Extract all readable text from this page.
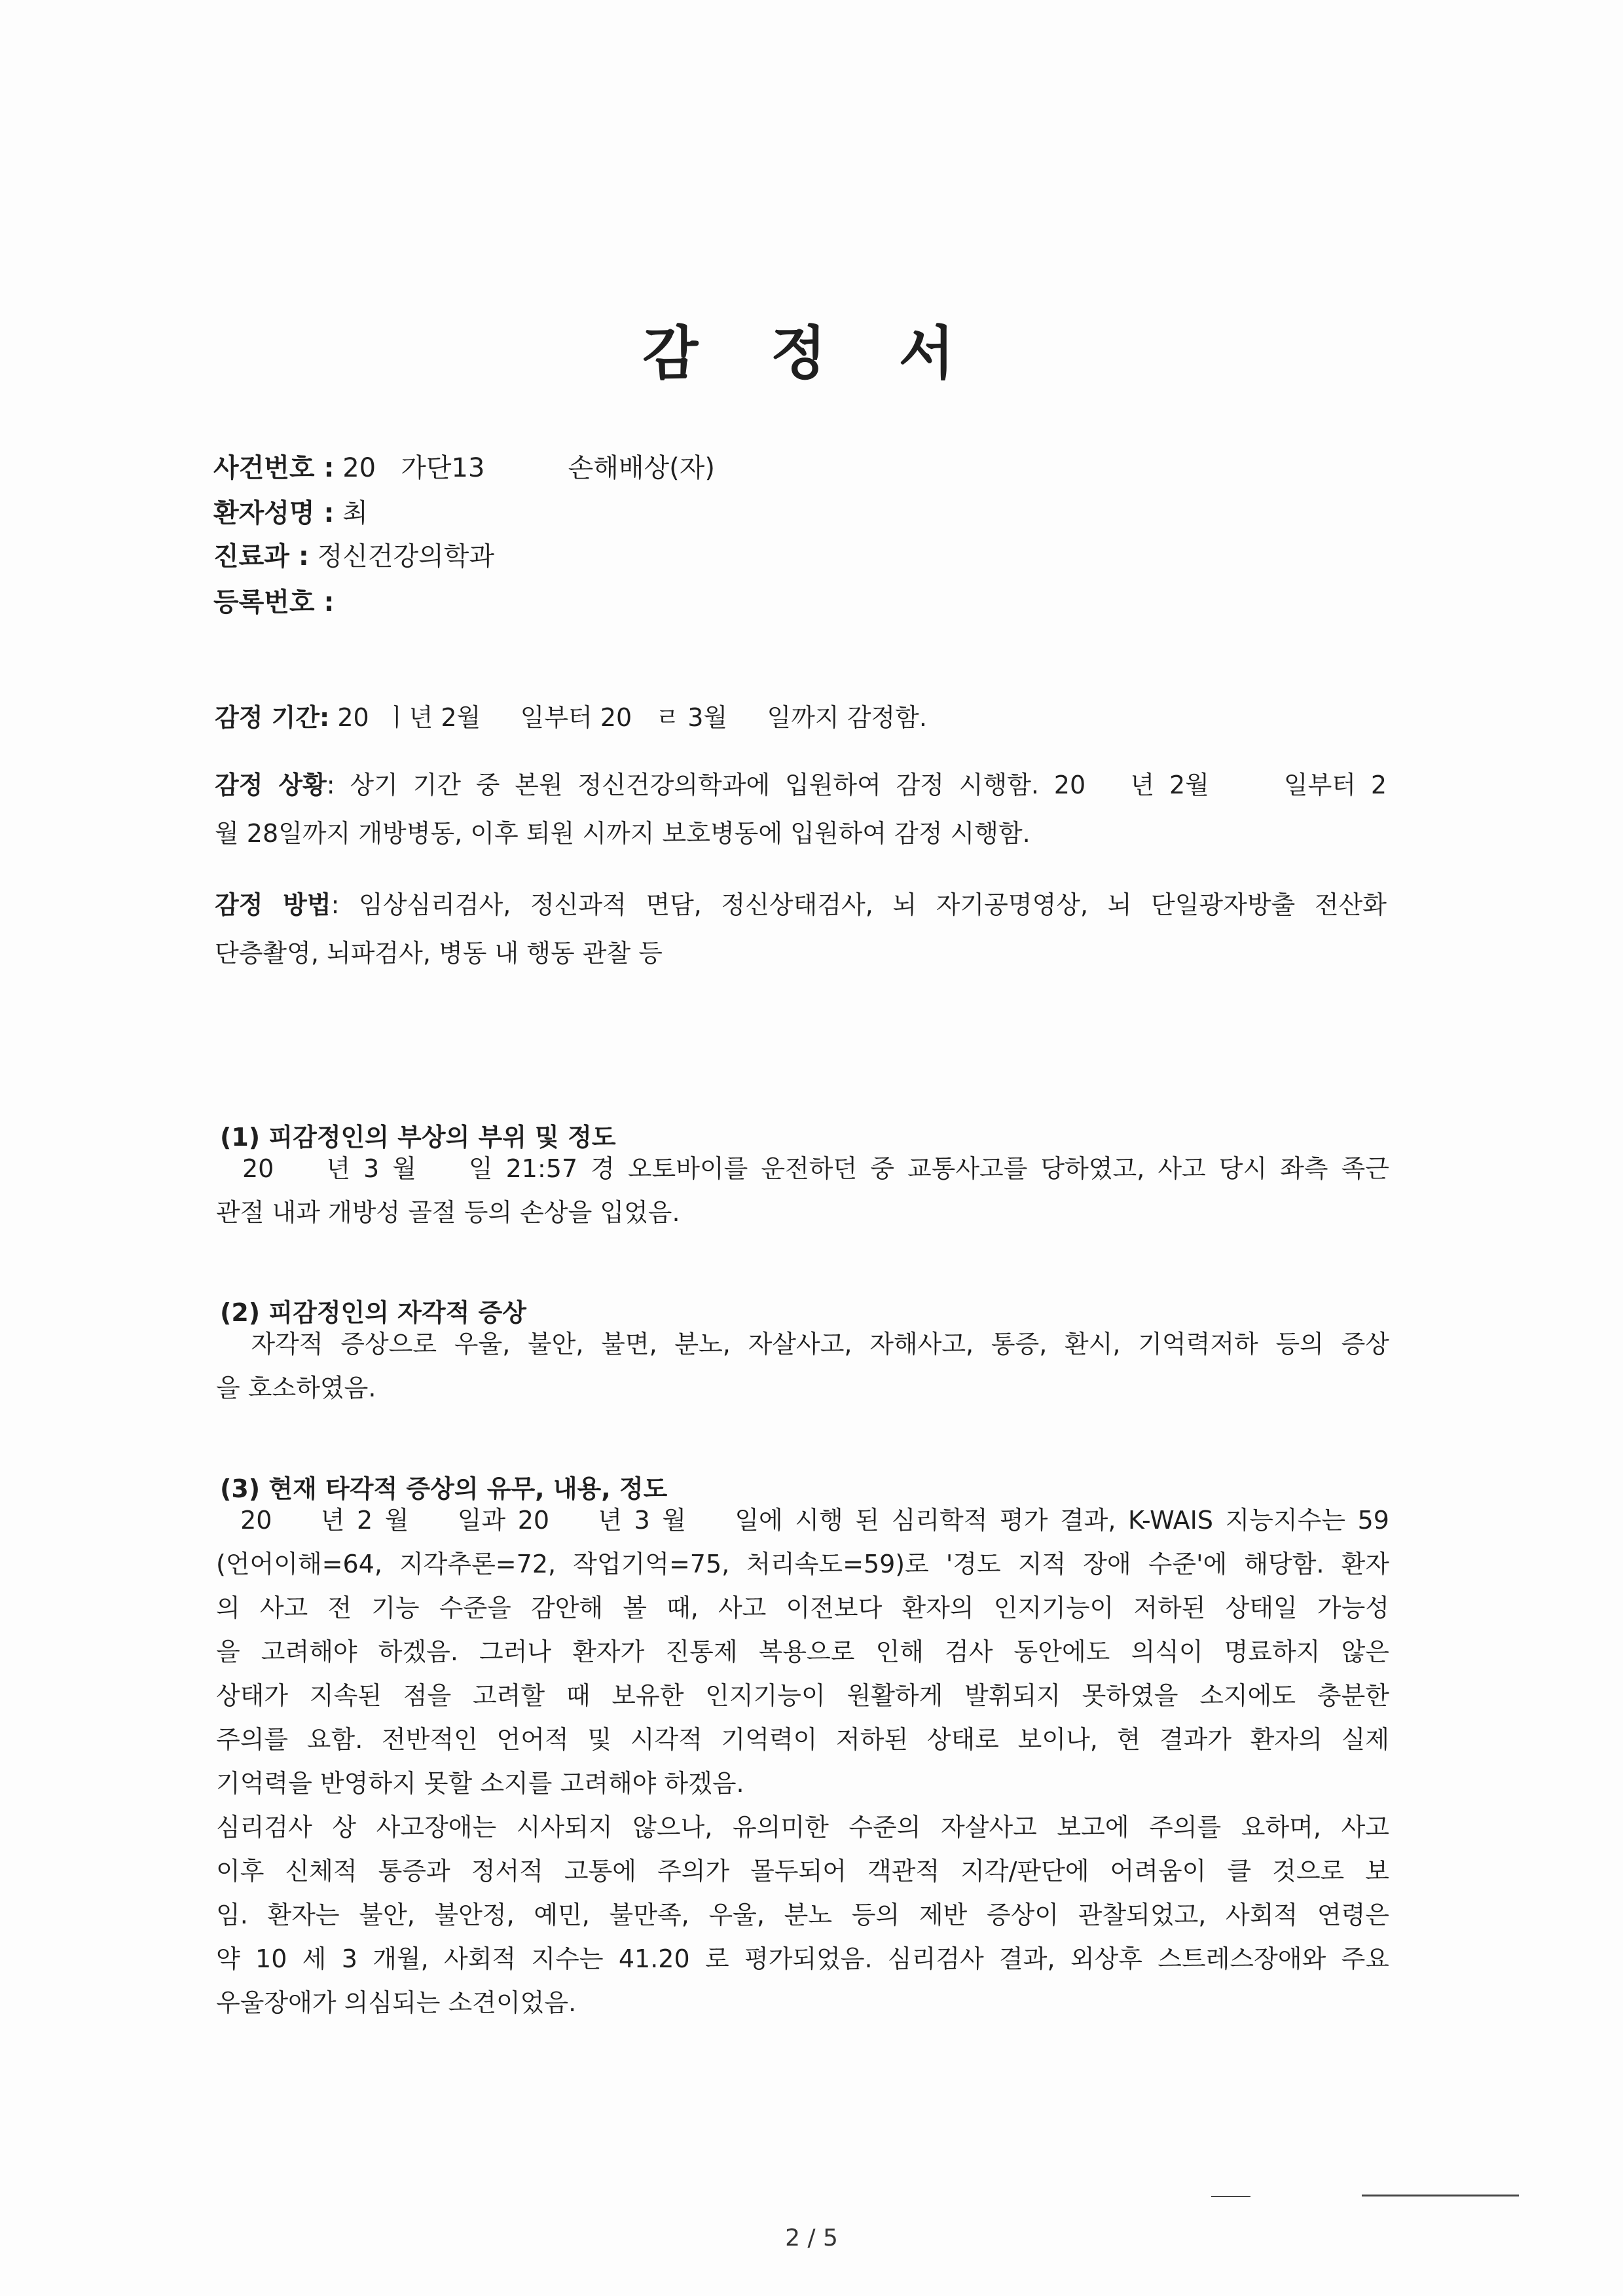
감 정 서
사건번호 : 20   가단13          손해배상(자)
환자성명 : 최
진료과 : 정신건강의학과
등록번호 :
감정 기간: 20  ㅣ년 2월     일부터 20   ㄹ 3월     일까지 감정함.
감정 상황: 상기 기간 중 본원 정신건강의학과에 입원하여 감정 시행함. 20   년 2월     일부터 2
월 28일까지 개방병동, 이후 퇴원 시까지 보호병동에 입원하여 감정 시행함.
감정 방법: 임상심리검사, 정신과적 면담, 정신상태검사, 뇌 자기공명영상, 뇌 단일광자방출 전산화
단층촬영, 뇌파검사, 병동 내 행동 관찰 등
(1) 피감정인의 부상의 부위 및 정도
20    년 3 월    일 21:57 경 오토바이를 운전하던 중 교통사고를 당하였고, 사고 당시 좌측 족근
관절 내과 개방성 골절 등의 손상을 입었음.
(2) 피감정인의 자각적 증상
자각적 증상으로 우울, 불안, 불면, 분노, 자살사고, 자해사고, 통증, 환시, 기억력저하 등의 증상
을 호소하였음.
(3) 현재 타각적 증상의 유무, 내용, 정도
20    년 2 월    일과 20    년 3 월    일에 시행 된 심리학적 평가 결과, K-WAIS 지능지수는 59
(언어이해=64, 지각추론=72, 작업기억=75, 처리속도=59)로 '경도 지적 장애 수준'에 해당함. 환자
의 사고 전 기능 수준을 감안해 볼 때, 사고 이전보다 환자의 인지기능이 저하된 상태일 가능성
을 고려해야 하겠음. 그러나 환자가 진통제 복용으로 인해 검사 동안에도 의식이 명료하지 않은
상태가 지속된 점을 고려할 때 보유한 인지기능이 원활하게 발휘되지 못하였을 소지에도 충분한
주의를 요함. 전반적인 언어적 및 시각적 기억력이 저하된 상태로 보이나, 현 결과가 환자의 실제
기억력을 반영하지 못할 소지를 고려해야 하겠음.
심리검사 상 사고장애는 시사되지 않으나, 유의미한 수준의 자살사고 보고에 주의를 요하며, 사고
이후 신체적 통증과 정서적 고통에 주의가 몰두되어 객관적 지각/판단에 어려움이 클 것으로 보
임. 환자는 불안, 불안정, 예민, 불만족, 우울, 분노 등의 제반 증상이 관찰되었고, 사회적 연령은
약 10 세 3 개월, 사회적 지수는 41.20 로 평가되었음. 심리검사 결과, 외상후 스트레스장애와 주요
우울장애가 의심되는 소견이었음.
2 / 5
